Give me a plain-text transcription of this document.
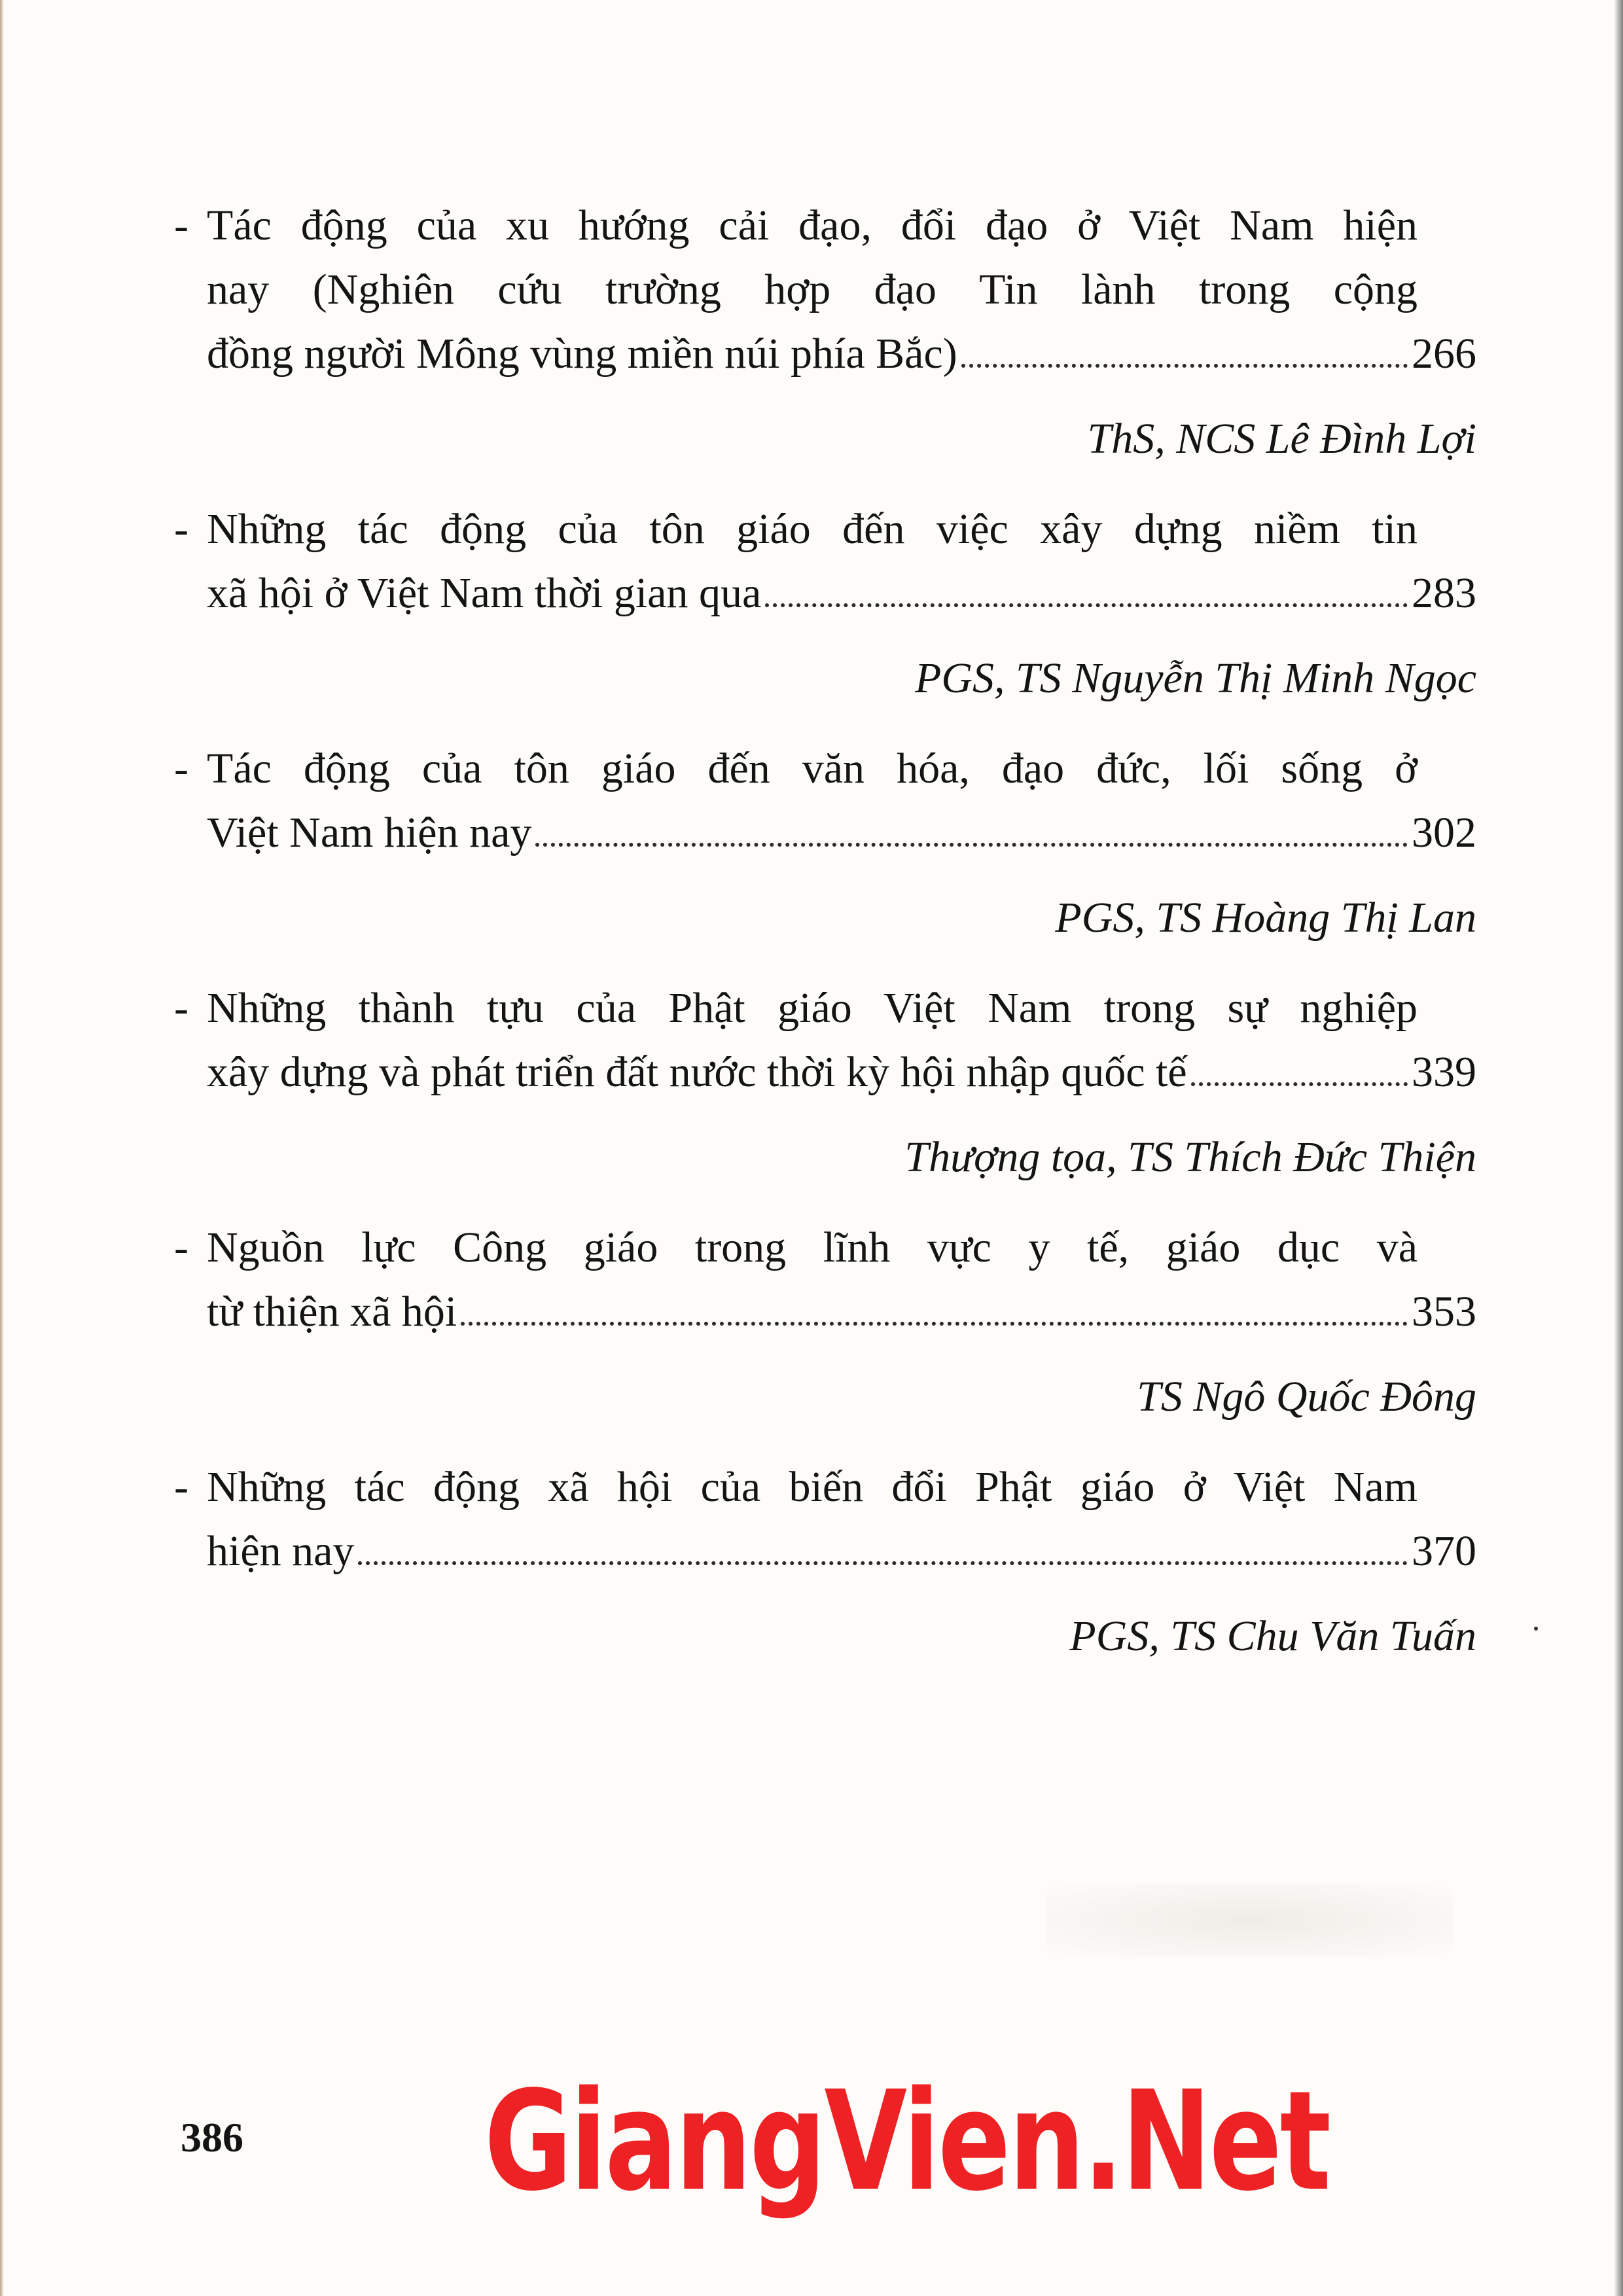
- Tác động của xu hướng cải đạo, đổi đạo ở Việt Nam hiện
nay (Nghiên cứu trường hợp đạo Tin lành trong cộng
đồng người Mông vùng miền núi phía Bắc)	266
ThS, NCS Lê Đình Lợi
- Những tác động của tôn giáo đến việc xây dựng niềm tin
xã hội ở Việt Nam thời gian qua	283
PGS, TS Nguyễn Thị Minh Ngọc
- Tác động của tôn giáo đến văn hóa, đạo đức, lối sống ở
Việt Nam hiện nay	302
PGS, TS Hoàng Thị Lan
- Những thành tựu của Phật giáo Việt Nam trong sự nghiệp
xây dựng và phát triển đất nước thời kỳ hội nhập quốc tế	339
Thượng tọa, TS Thích Đức Thiện
- Nguồn lực Công giáo trong lĩnh vực y tế, giáo dục và
từ thiện xã hội	353
TS Ngô Quốc Đông
- Những tác động xã hội của biến đổi Phật giáo ở Việt Nam
hiện nay	370
PGS, TS Chu Văn Tuấn
386 GiangVien.Net
